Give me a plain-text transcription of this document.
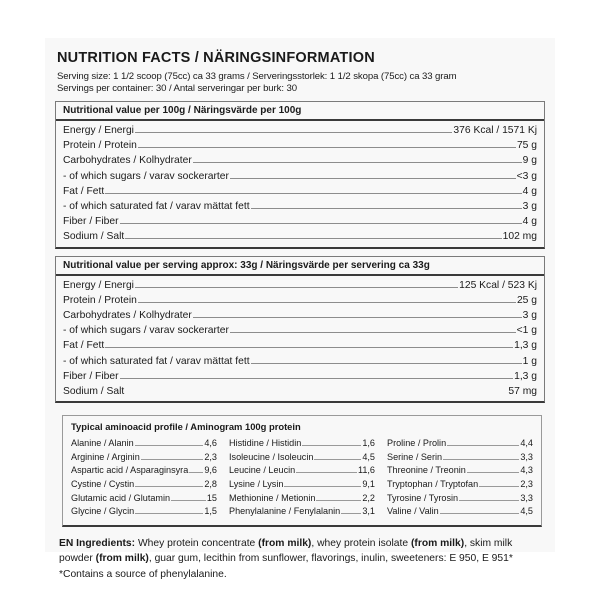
NUTRITION FACTS / NÄRINGSINFORMATION
Serving size: 1 1/2 scoop (75cc) ca 33 grams / Serveringsstorlek: 1 1/2 skopa (75cc) ca 33 gram
Servings per container: 30 / Antal serveringar per burk: 30
Nutritional value per 100g / Näringsvärde per 100g
Energy / Energi	376 Kcal / 1571 Kj
Protein / Protein	75 g
Carbohydrates / Kolhydrater	9 g
- of which sugars / varav sockerarter	<3 g
Fat / Fett	4 g
- of which saturated fat / varav mättat fett	3 g
Fiber / Fiber	4 g
Sodium / Salt	102 mg
Nutritional value per serving approx: 33g / Näringsvärde per servering ca 33g
Energy / Energi	125 Kcal / 523 Kj
Protein / Protein	25 g
Carbohydrates / Kolhydrater	3 g
- of which sugars / varav sockerarter	<1 g
Fat / Fett	1,3 g
- of which saturated fat / varav mättat fett	1 g
Fiber / Fiber	1,3 g
Sodium / Salt	57 mg
Typical aminoacid profile / Aminogram 100g protein
Alanine / Alanin	4,6
Arginine / Arginin	2,3
Aspartic acid / Asparaginsyra 9,6
Cystine / Cystin	2,8
Glutamic acid / Glutamin	15
Glycine / Glycin	1,5
Histidine / Histidin	1,6
Isoleucine / Isoleucin	4,5
Leucine / Leucin	11,6
Lysine / Lysin	9,1
Methionine / Metionin	2,2
Phenylalanine / Fenylalanin 3,1
Proline / Prolin	4,4
Serine / Serin	3,3
Threonine / Treonin	4,3
Tryptophan / Tryptofan	2,3
Tyrosine / Tyrosin	3,3
Valine / Valin	4,5
EN Ingredients: Whey protein concentrate (from milk), whey protein isolate (from milk), skim milk powder (from milk), guar gum, lecithin from sunflower, flavorings, inulin, sweeteners: E 950, E 951* *Contains a source of phenylalanine.
